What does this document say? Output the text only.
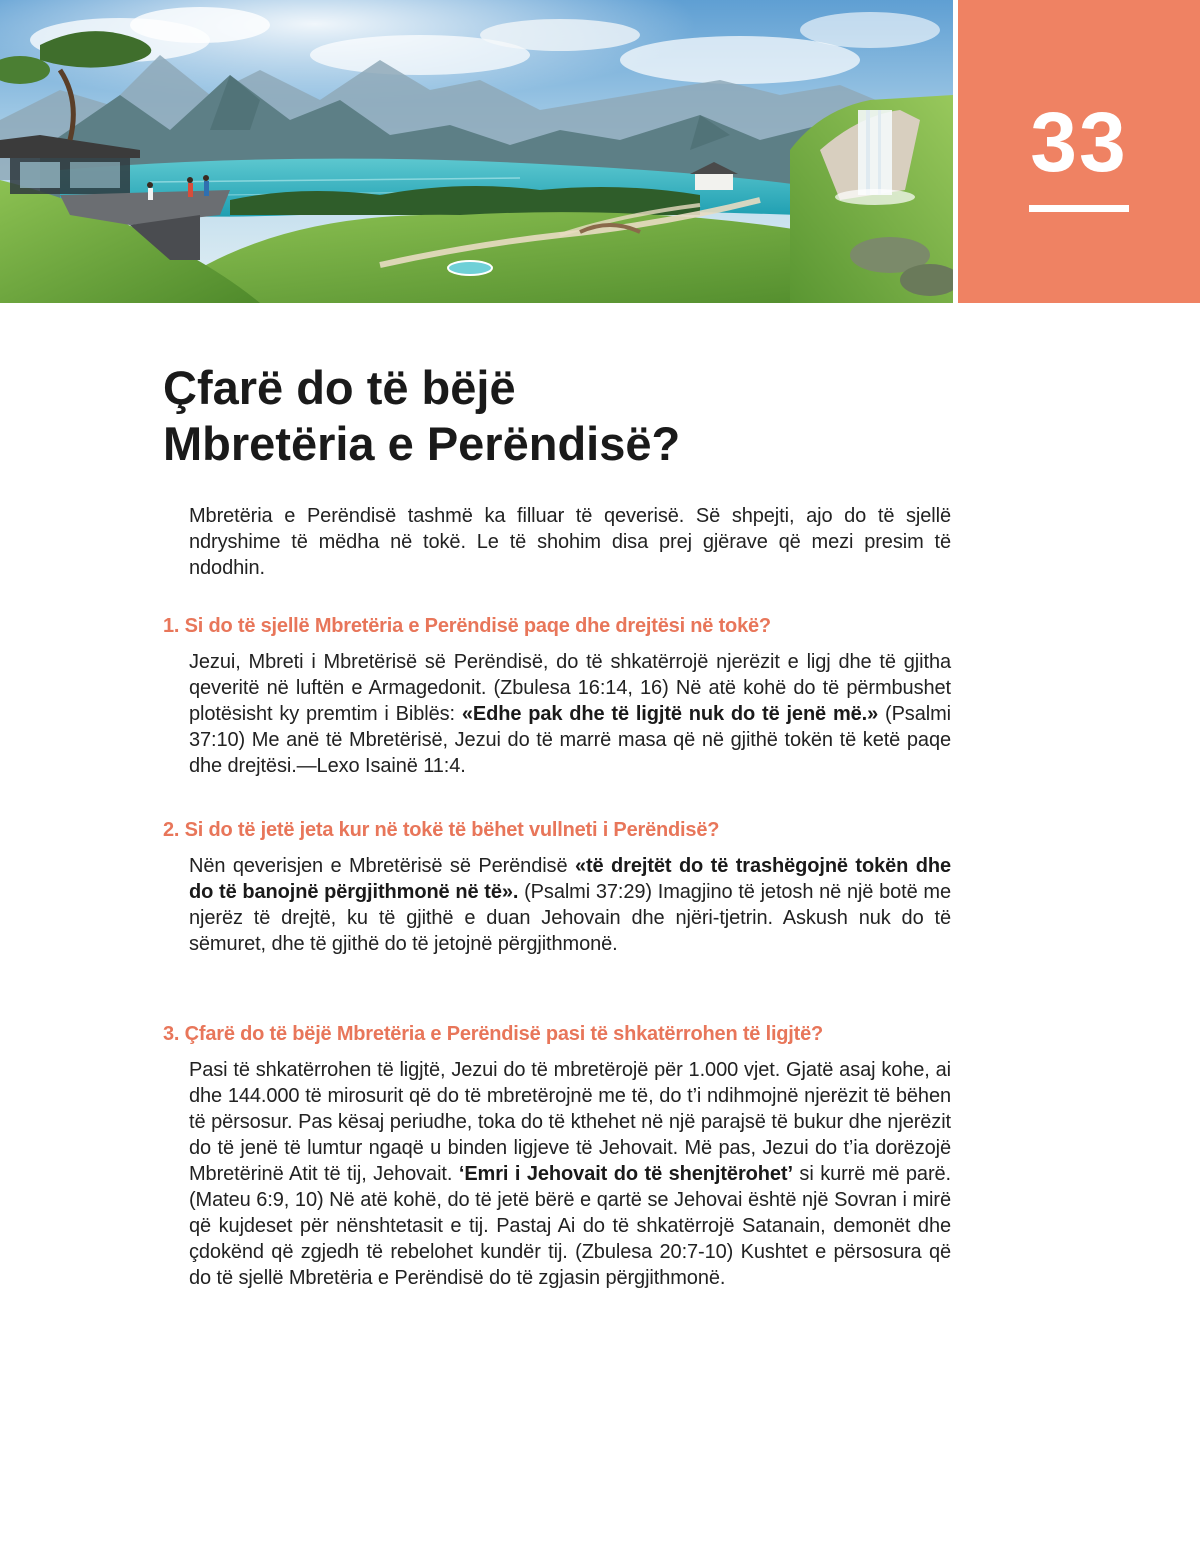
33
Çfarë do të bëjë
Mbretëria e Perëndisë?

Mbretëria e Perëndisë tashmë ka filluar të qeverisë. Së shpejti, ajo do të sjellë ndryshime të mëdha në tokë. Le të shohim disa prej gjërave që mezi presim të ndodhin.

1. Si do të sjellë Mbretëria e Perëndisë paqe dhe drejtësi në tokë?

Jezui, Mbreti i Mbretërisë së Perëndisë, do të shkatërrojë njerëzit e ligj dhe të gjitha qeveritë në luftën e Armagedonit. (Zbulesa 16:14, 16) Në atë kohë do të përmbushet plotësisht ky premtim i Biblës: «Edhe pak dhe të ligjtë nuk do të jenë më.» (Psalmi 37:10) Me anë të Mbretërisë, Jezui do të marrë masa që në gjithë tokën të ketë paqe dhe drejtësi.—Lexo Isainë 11:4.

2. Si do të jetë jeta kur në tokë të bëhet vullneti i Perëndisë?

Nën qeverisjen e Mbretërisë së Perëndisë «të drejtët do të trashëgojnë tokën dhe do të banojnë përgjithmonë në të». (Psalmi 37:29) Imagjino të jetosh në një botë me njerëz të drejtë, ku të gjithë e duan Jehovain dhe njëri-tjetrin. Askush nuk do të sëmuret, dhe të gjithë do të jetojnë përgjithmonë.

3. Çfarë do të bëjë Mbretëria e Perëndisë pasi të shkatërrohen të ligjtë?

Pasi të shkatërrohen të ligjtë, Jezui do të mbretërojë për 1.000 vjet. Gjatë asaj kohe, ai dhe 144.000 të mirosurit që do të mbretërojnë me të, do t’i ndihmojnë njerëzit të bëhen të përsosur. Pas kësaj periudhe, toka do të kthehet në një parajsë të bukur dhe njerëzit do të jenë të lumtur ngaqë u binden ligjeve të Jehovait. Më pas, Jezui do t’ia dorëzojë Mbretërinë Atit të tij, Jehovait. ‘Emri i Jehovait do të shenjtërohet’ si kurrë më parë. (Mateu 6:9, 10) Në atë kohë, do të jetë bërë e qartë se Jehovai është një Sovran i mirë që kujdeset për nënshtetasit e tij. Pastaj Ai do të shkatërrojë Satanain, demonët dhe çdokënd që zgjedh të rebelohet kundër tij. (Zbulesa 20:7-10) Kushtet e përsosura që do të sjellë Mbretëria e Perëndisë do të zgjasin përgjithmonë.
